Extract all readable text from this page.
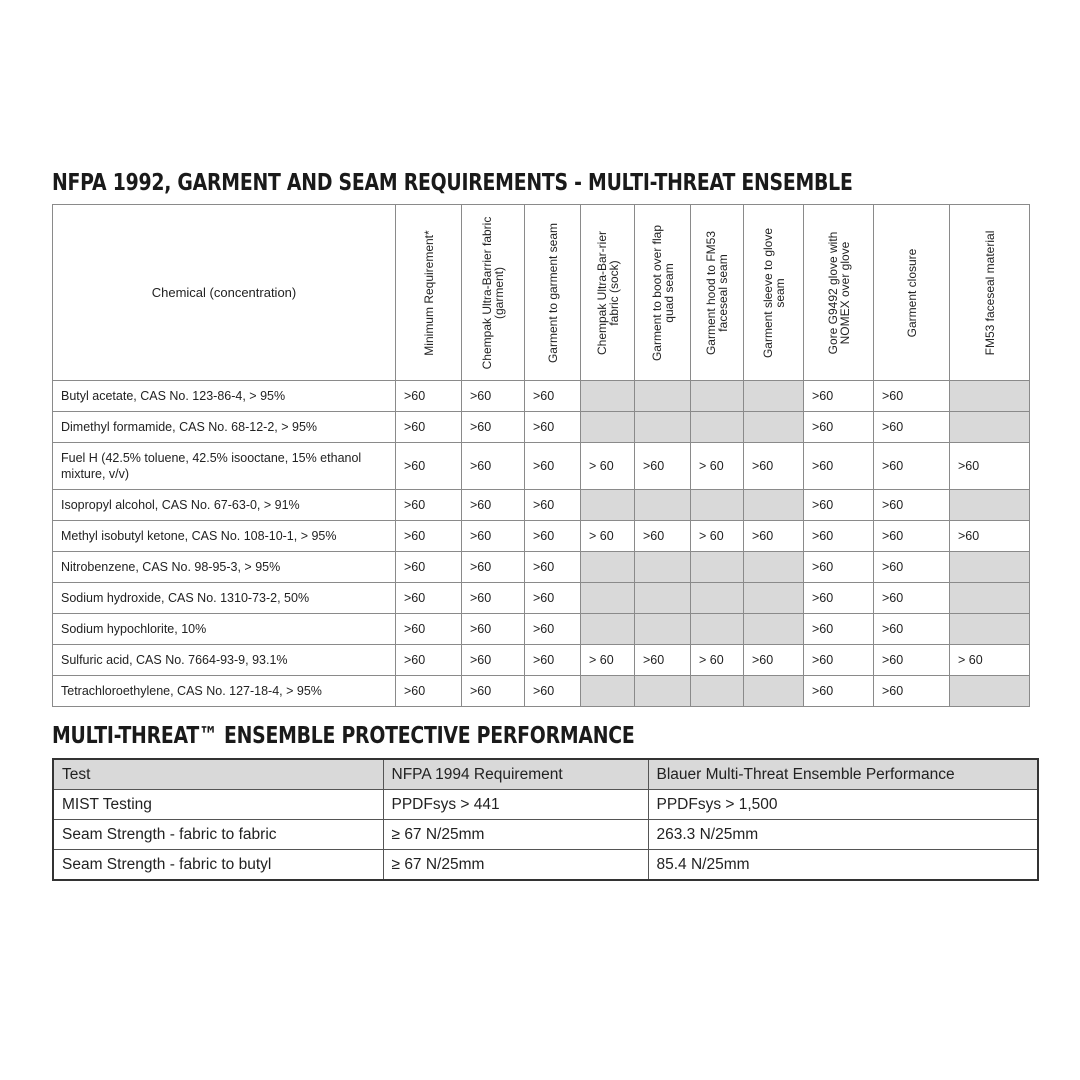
NFPA 1992, GARMENT AND SEAM REQUIREMENTS - MULTI-THREAT ENSEMBLE
Chemical (concentration)	Minimum Requirement*	Chempak Ultra-Barrier fabric (garment)	Garment to garment seam	Chempak Ultra-Bar-rier fabric (sock)	Garment to boot over flap quad seam	Garment hood to FM53 faceseal seam	Garment sleeve to glove seam	Gore G9492 glove with NOMEX over glove	Garment closure	FM53 faceseal material

Butyl acetate, CAS No. 123-86-4, > 95%	>60	>60	>60					>60	>60	
Dimethyl formamide, CAS No. 68-12-2, > 95%	>60	>60	>60					>60	>60	
Fuel H (42.5% toluene, 42.5% isooctane, 15% ethanol mixture, v/v)	>60	>60	>60	> 60	>60	> 60	>60	>60	>60	>60
Isopropyl alcohol, CAS No. 67-63-0, > 91%	>60	>60	>60					>60	>60	
Methyl isobutyl ketone, CAS No. 108-10-1, > 95%	>60	>60	>60	> 60	>60	> 60	>60	>60	>60	>60
Nitrobenzene, CAS No. 98-95-3, > 95%	>60	>60	>60					>60	>60	
Sodium hydroxide, CAS No. 1310-73-2, 50%	>60	>60	>60					>60	>60	
Sodium hypochlorite, 10%	>60	>60	>60					>60	>60	
Sulfuric acid, CAS No. 7664-93-9, 93.1%	>60	>60	>60	> 60	>60	> 60	>60	>60	>60	> 60
Tetrachloroethylene, CAS No. 127-18-4, > 95%	>60	>60	>60					>60	>60	
MULTI-THREAT™ ENSEMBLE PROTECTIVE PERFORMANCE
Test	NFPA 1994 Requirement	Blauer Multi-Threat Ensemble Performance
MIST Testing	PPDFsys > 441	PPDFsys > 1,500
Seam Strength - fabric to fabric	≥ 67 N/25mm	263.3 N/25mm
Seam Strength - fabric to butyl	≥ 67 N/25mm	85.4 N/25mm
